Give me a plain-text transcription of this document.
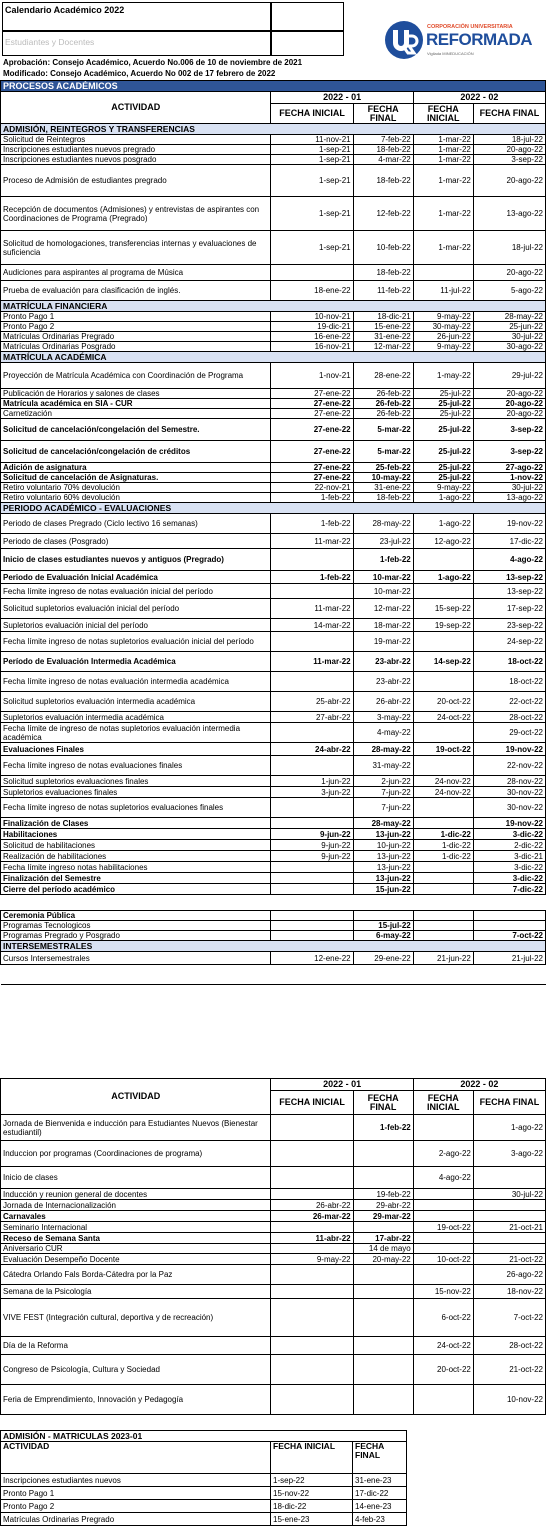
Calendario Académico 2022
Estudiantes y Docentes
Aprobación: Consejo Académico, Acuerdo No.006 de 10 de noviembre de 2021
Modificado: Consejo Académico, Acuerdo No 002 de 17 febrero de 2022
CORPORACIÓN UNIVERSITARIA
REFORMADA
Vigilada MINEDUCACIÓN
PROCESOS ACADÉMICOS				
ACTIVIDAD	2022 - 01		2022 - 02	
	FECHA INICIAL	FECHA FINAL	FECHA INICIAL	FECHA FINAL
ADMISIÓN, REINTEGROS Y TRANSFERENCIAS				
Solicitud de Reintegros	11-nov-21	7-feb-22	1-mar-22	18-jul-22
Inscripciones estudiantes nuevos pregrado	1-sep-21	18-feb-22	1-mar-22	20-ago-22
Inscripciones estudiantes nuevos posgrado	1-sep-21	4-mar-22	1-mar-22	3-sep-22
Proceso de Admisión de estudiantes pregrado	1-sep-21	18-feb-22	1-mar-22	20-ago-22
Recepción de documentos (Admisiones) y entrevistas de aspirantes con Coordinaciones de Programa (Pregrado)	1-sep-21	12-feb-22	1-mar-22	13-ago-22
Solicitud de homologaciones, transferencias internas y evaluaciones de suficiencia	1-sep-21	10-feb-22	1-mar-22	18-jul-22
Audiciones para aspirantes al programa de Música		18-feb-22		20-ago-22
Prueba de evaluación para clasificación de inglés.	18-ene-22	11-feb-22	11-jul-22	5-ago-22
MATRÍCULA FINANCIERA				
Pronto Pago 1	10-nov-21	18-dic-21	9-may-22	28-may-22
Pronto Pago 2	19-dic-21	15-ene-22	30-may-22	25-jun-22
Matrículas Ordinarias Pregrado	16-ene-22	31-ene-22	26-jun-22	30-jul-22
Matrículas Ordinarias Posgrado	16-nov-21	12-mar-22	9-may-22	30-ago-22
MATRÍCULA ACADÉMICA				
Proyección de Matrícula Académica con Coordinación de Programa	1-nov-21	28-ene-22	1-may-22	29-jul-22
Publicación de Horarios y salones de clases	27-ene-22	26-feb-22	25-jul-22	20-ago-22
Matrícula académica en SIA - CUR	27-ene-22	26-feb-22	25-jul-22	20-ago-22
Carnetización	27-ene-22	26-feb-22	25-jul-22	20-ago-22
Solicitud de cancelación/congelación del Semestre.	27-ene-22	5-mar-22	25-jul-22	3-sep-22
Solicitud de cancelación/congelación de créditos	27-ene-22	5-mar-22	25-jul-22	3-sep-22
Adición de asignatura	27-ene-22	25-feb-22	25-jul-22	27-ago-22
Solicitud de cancelación de Asignaturas.	27-ene-22	10-may-22	25-jul-22	1-nov-22
Retiro voluntario 70% devolución	22-nov-21	31-ene-22	9-may-22	30-jul-22
Retiro voluntario 60% devolución	1-feb-22	18-feb-22	1-ago-22	13-ago-22
PERIODO ACADÉMICO - EVALUACIONES				
Periodo de clases Pregrado (Ciclo lectivo 16 semanas)	1-feb-22	28-may-22	1-ago-22	19-nov-22
Periodo de clases (Posgrado)	11-mar-22	23-jul-22	12-ago-22	17-dic-22
Inicio de clases estudiantes nuevos y antiguos (Pregrado)		1-feb-22		4-ago-22
Periodo de Evaluación Inicial Académica	1-feb-22	10-mar-22	1-ago-22	13-sep-22
Fecha límite ingreso de notas evaluación inicial del período		10-mar-22		13-sep-22
Solicitud supletorios evaluación inicial del período	11-mar-22	12-mar-22	15-sep-22	17-sep-22
Supletorios evaluación inicial del período	14-mar-22	18-mar-22	19-sep-22	23-sep-22
Fecha límite ingreso de notas supletorios evaluación inicial del período		19-mar-22		24-sep-22
Período de Evaluación Intermedia Académica	11-mar-22	23-abr-22	14-sep-22	18-oct-22
Fecha límite ingreso de notas evaluación intermedia académica		23-abr-22		18-oct-22
Solicitud supletorios evaluación intermedia académica	25-abr-22	26-abr-22	20-oct-22	22-oct-22
Supletorios evaluación intermedia académica	27-abr-22	3-may-22	24-oct-22	28-oct-22
Fecha límite de ingreso de notas supletorios evaluación intermedia académica		4-may-22		29-oct-22
Evaluaciones Finales	24-abr-22	28-may-22	19-oct-22	19-nov-22
Fecha límite ingreso de notas evaluaciones finales		31-may-22		22-nov-22
Solicitud supletorios evaluaciones finales	1-jun-22	2-jun-22	24-nov-22	28-nov-22
Supletorios evaluaciones finales	3-jun-22	7-jun-22	24-nov-22	30-nov-22
Fecha límite ingreso de notas supletorios evaluaciones finales		7-jun-22		30-nov-22
Finalización de Clases		28-may-22		19-nov-22
Habilitaciones	9-jun-22	13-jun-22	1-dic-22	3-dic-22
Solicitud de habilitaciones	9-jun-22	10-jun-22	1-dic-22	2-dic-22
Realización de habilitaciones	9-jun-22	13-jun-22	1-dic-22	3-dic-21
Fecha límite ingreso notas habilitaciones		13-jun-22		3-dic-22
Finalización del Semestre		13-jun-22		3-dic-22
Cierre del período académico		15-jun-22		7-dic-22

Ceremonia Pública				
Programas Tecnologicos		15-jul-22		
Programas Pregrado y Posgrado		6-may-22		7-oct-22
INTERSEMESTRALES				
Cursos Intersemestrales	12-ene-22	29-ene-22	21-jun-22	21-jul-22

ACTIVIDAD	2022 - 01		2022 - 02	
	FECHA INICIAL	FECHA FINAL	FECHA INICIAL	FECHA FINAL
Jornada de Bienvenida e inducción para Estudiantes Nuevos (Bienestar estudiantil)		1-feb-22		1-ago-22
Induccion por programas (Coordinaciones de programa)			2-ago-22	3-ago-22
Inicio de clases			4-ago-22	
Inducción y reunion general de docentes		19-feb-22		30-jul-22
Jornada de Internacionalización	26-abr-22	29-abr-22		
Carnavales	26-mar-22	29-mar-22		
Seminario Internacional			19-oct-22	21-oct-21
Receso de Semana Santa	11-abr-22	17-abr-22		
Aniversario CUR		14 de mayo		
Evaluación Desempeño Docente	9-may-22	20-may-22	10-oct-22	21-oct-22
Cátedra Orlando Fals Borda-Cátedra por la Paz				26-ago-22
Semana de la Psicología			15-nov-22	18-nov-22
VIVE FEST (Integración cultural, deportiva y de recreación)			6-oct-22	7-oct-22
Día de la Reforma			24-oct-22	28-oct-22
Congreso de Psicología, Cultura y Sociedad			20-oct-22	21-oct-22
Feria de Emprendimiento, Innovación y Pedagogía				10-nov-22
ADMISIÓN - MATRICULAS 2023-01		
ACTIVIDAD	FECHA INICIAL	FECHA FINAL
Inscripciones estudiantes nuevos	1-sep-22	31-ene-23
Pronto Pago 1	15-nov-22	17-dic-22
Pronto Pago 2	18-dic-22	14-ene-23
Matrículas Ordinarias Pregrado	15-ene-23	4-feb-23
